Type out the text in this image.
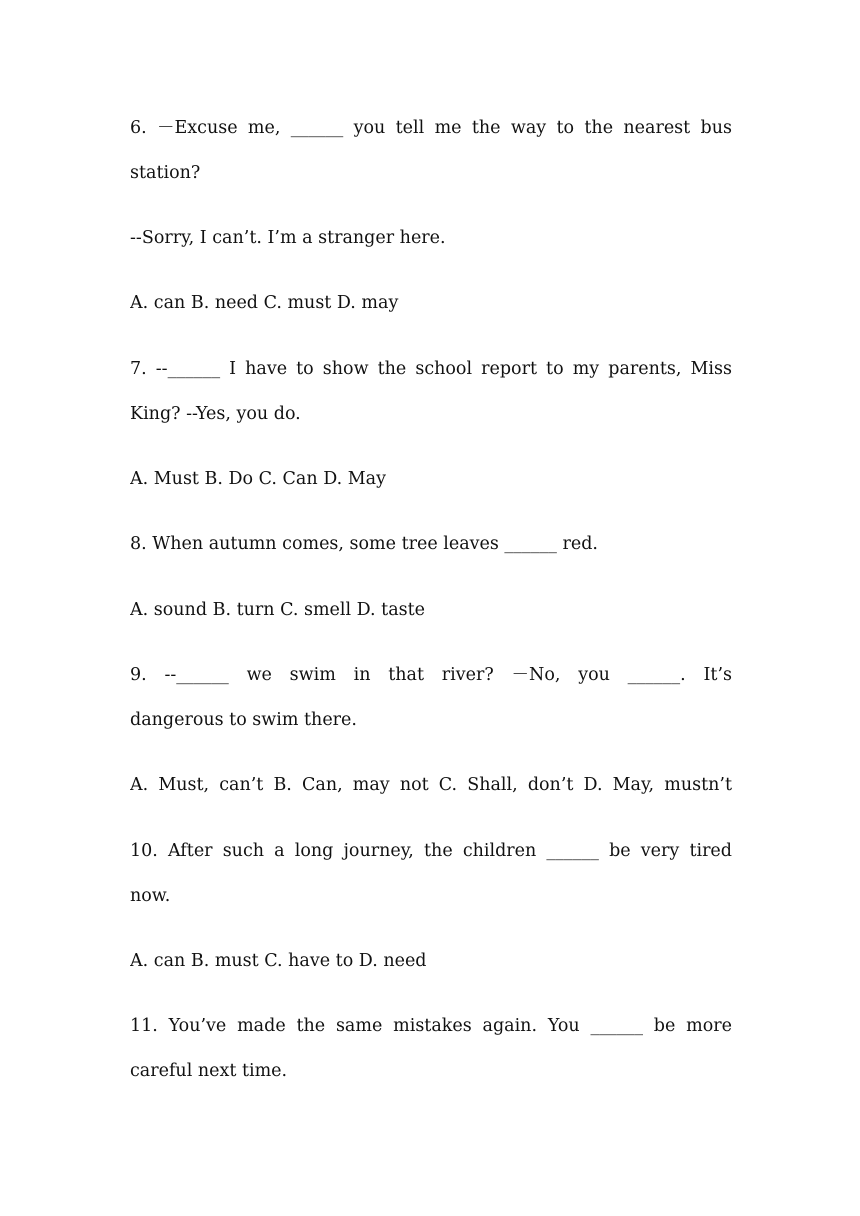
6. －Excuse me, ______ you tell me the way to the nearest bus
station?
--Sorry, I can’t. I’m a stranger here.
A. can B. need C. must D. may
7. --______ I have to show the school report to my parents, Miss
King? --Yes, you do.
A. Must B. Do C. Can D. May
8. When autumn comes, some tree leaves ______ red.
A. sound B. turn C. smell D. taste
9. --______ we swim in that river? －No, you ______. It’s
dangerous to swim there.
A. Must, can’t B. Can, may not C. Shall, don’t D. May, mustn’t
10. After such a long journey, the children ______ be very tired
now.
A. can B. must C. have to D. need
11. You’ve made the same mistakes again. You ______ be more
careful next time.
